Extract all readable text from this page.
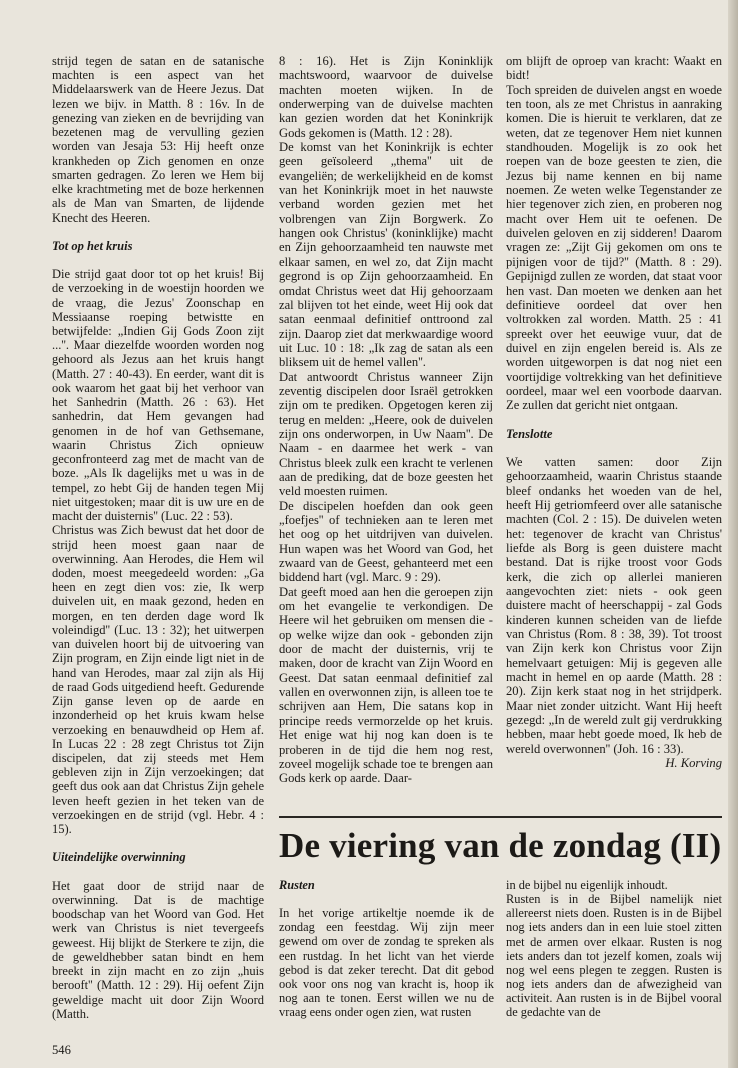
strijd tegen de satan en de satanische machten is een aspect van het Middelaarswerk van de Heere Jezus. Dat lezen we bijv. in Matth. 8 : 16v. In de genezing van zieken en de bevrijding van bezetenen mag de vervulling gezien worden van Jesaja 53: Hij heeft onze krankheden op Zich genomen en onze smarten gedragen. Zo leren we Hem bij elke krachtmeting met de boze herkennen als de Man van Smarten, de lijdende Knecht des Heeren.

Tot op het kruis

Die strijd gaat door tot op het kruis! Bij de verzoeking in de woestijn hoorden we de vraag, die Jezus' Zoonschap en Messiaanse roeping betwistte en betwijfelde: „Indien Gij Gods Zoon zijt ...''. Maar diezelfde woorden worden nog gehoord als Jezus aan het kruis hangt (Matth. 27 : 40-43). En eerder, want dit is ook waarom het gaat bij het verhoor van het Sanhedrin (Matth. 26 : 63). Het sanhedrin, dat Hem gevangen had genomen in de hof van Gethsemane, waarin Christus Zich opnieuw geconfronteerd zag met de macht van de boze. „Als Ik dagelijks met u was in de tempel, zo hebt Gij de handen tegen Mij niet uitgestoken; maar dit is uw ure en de macht der duisternis'' (Luc. 22 : 53).

Christus was Zich bewust dat het door de strijd heen moest gaan naar de overwinning. Aan Herodes, die Hem wil doden, moest meegedeeld worden: „Ga heen en zegt dien vos: zie, Ik werp duivelen uit, en maak gezond, heden en morgen, en ten derden dage word Ik voleindigd'' (Luc. 13 : 32); het uitwerpen van duivelen hoort bij de uitvoering van Zijn program, en Zijn einde ligt niet in de hand van Herodes, maar zal zijn als Hij de raad Gods uitgediend heeft. Gedurende Zijn ganse leven op de aarde en inzonderheid op het kruis kwam helse verzoeking en benauwdheid op Hem af. In Lucas 22 : 28 zegt Christus tot Zijn discipelen, dat zij steeds met Hem gebleven zijn in Zijn verzoekingen; dat geeft dus ook aan dat Christus Zijn gehele leven heeft gezien in het teken van de verzoekingen en de strijd (vgl. Hebr. 4 : 15).

Uiteindelijke overwinning

Het gaat door de strijd naar de overwinning. Dat is de machtige boodschap van het Woord van God. Het werk van Christus is niet tevergeefs geweest. Hij blijkt de Sterkere te zijn, die de geweldhebber satan bindt en hem breekt in zijn macht en zo zijn „huis berooft'' (Matth. 12 : 29). Hij oefent Zijn geweldige macht uit door Zijn Woord (Matth.

8 : 16). Het is Zijn Koninklijk machtswoord, waarvoor de duivelse machten moeten wijken. In de onderwerping van de duivelse machten kan gezien worden dat het Koninkrijk Gods gekomen is (Matth. 12 : 28).

De komst van het Koninkrijk is echter geen geïsoleerd „thema'' uit de evangeliën; de werkelijkheid en de komst van het Koninkrijk moet in het nauwste verband worden gezien met het volbrengen van Zijn Borgwerk. Zo hangen ook Christus' (koninklijke) macht en Zijn gehoorzaamheid ten nauwste met elkaar samen, en wel zo, dat Zijn macht gegrond is op Zijn gehoorzaamheid. En omdat Christus weet dat Hij gehoorzaam zal blijven tot het einde, weet Hij ook dat satan eenmaal definitief onttroond zal zijn. Daarop ziet dat merkwaardige woord uit Luc. 10 : 18: „Ik zag de satan als een bliksem uit de hemel vallen''.

Dat antwoordt Christus wanneer Zijn zeventig discipelen door Israël getrokken zijn om te prediken. Opgetogen keren zij terug en melden: „Heere, ook de duivelen zijn ons onderworpen, in Uw Naam''. De Naam - en daarmee het werk - van Christus bleek zulk een kracht te verlenen aan de prediking, dat de boze geesten het veld moesten ruimen.

De discipelen hoefden dan ook geen „foefjes'' of technieken aan te leren met het oog op het uitdrijven van duivelen. Hun wapen was het Woord van God, het zwaard van de Geest, gehanteerd met een biddend hart (vgl. Marc. 9 : 29).

Dat geeft moed aan hen die geroepen zijn om het evangelie te verkondigen. De Heere wil het gebruiken om mensen die - op welke wijze dan ook - gebonden zijn door de macht der duisternis, vrij te maken, door de kracht van Zijn Woord en Geest. Dat satan eenmaal definitief zal vallen en overwonnen zijn, is alleen toe te schrijven aan Hem, Die satans kop in principe reeds vermorzelde op het kruis. Het enige wat hij nog kan doen is te proberen in de tijd die hem nog rest, zoveel mogelijk schade toe te brengen aan Gods kerk op aarde. Daar-

om blijft de oproep van kracht: Waakt en bidt!

Toch spreiden de duivelen angst en woede ten toon, als ze met Christus in aanraking komen. Die is hieruit te verklaren, dat ze weten, dat ze tegenover Hem niet kunnen standhouden. Mogelijk is zo ook het roepen van de boze geesten te zien, die Jezus bij name kennen en bij name noemen. Ze weten welke Tegenstander ze hier tegenover zich zien, en proberen nog macht over Hem uit te oefenen. De duivelen geloven en zij sidderen! Daarom vragen ze: „Zijt Gij gekomen om ons te pijnigen voor de tijd?'' (Matth. 8 : 29). Gepijnigd zullen ze worden, dat staat voor hen vast. Dan moeten we denken aan het definitieve oordeel dat over hen voltrokken zal worden. Matth. 25 : 41 spreekt over het eeuwige vuur, dat de duivel en zijn engelen bereid is. Als ze worden uitgeworpen is dat nog niet een voortijdige voltrekking van het definitieve oordeel, maar wel een voorbode daarvan. Ze zullen dat gericht niet ontgaan.

Tenslotte

We vatten samen: door Zijn gehoorzaamheid, waarin Christus staande bleef ondanks het woeden van de hel, heeft Hij getriomfeerd over alle satanische machten (Col. 2 : 15). De duivelen weten het: tegenover de kracht van Christus' liefde als Borg is geen duistere macht bestand. Dat is rijke troost voor Gods kerk, die zich op allerlei manieren aangevochten ziet: niets - ook geen duistere macht of heerschappij - zal Gods kinderen kunnen scheiden van de liefde van Christus (Rom. 8 : 38, 39). Tot troost van Zijn kerk kon Christus voor Zijn hemelvaart getuigen: Mij is gegeven alle macht in hemel en op aarde (Matth. 28 : 20). Zijn kerk staat nog in het strijdperk. Maar niet zonder uitzicht. Want Hij heeft gezegd: „In de wereld zult gij verdrukking hebben, maar hebt goede moed, Ik heb de wereld overwonnen'' (Joh. 16 : 33).

H. Korving

De viering van de zondag (II)

Rusten

In het vorige artikeltje noemde ik de zondag een feestdag. Wij zijn meer gewend om over de zondag te spreken als een rustdag. In het licht van het vierde gebod is dat zeker terecht. Dat dit gebod ook voor ons nog van kracht is, hoop ik nog aan te tonen. Eerst willen we nu de vraag eens onder ogen zien, wat rusten

in de bijbel nu eigenlijk inhoudt.

Rusten is in de Bijbel namelijk niet allereerst niets doen. Rusten is in de Bijbel nog iets anders dan in een luie stoel zitten met de armen over elkaar. Rusten is nog iets anders dan tot jezelf komen, zoals wij nog wel eens plegen te zeggen. Rusten is nog iets anders dan de afwezigheid van activiteit. Aan rusten is in de Bijbel vooral de gedachte van de

546
